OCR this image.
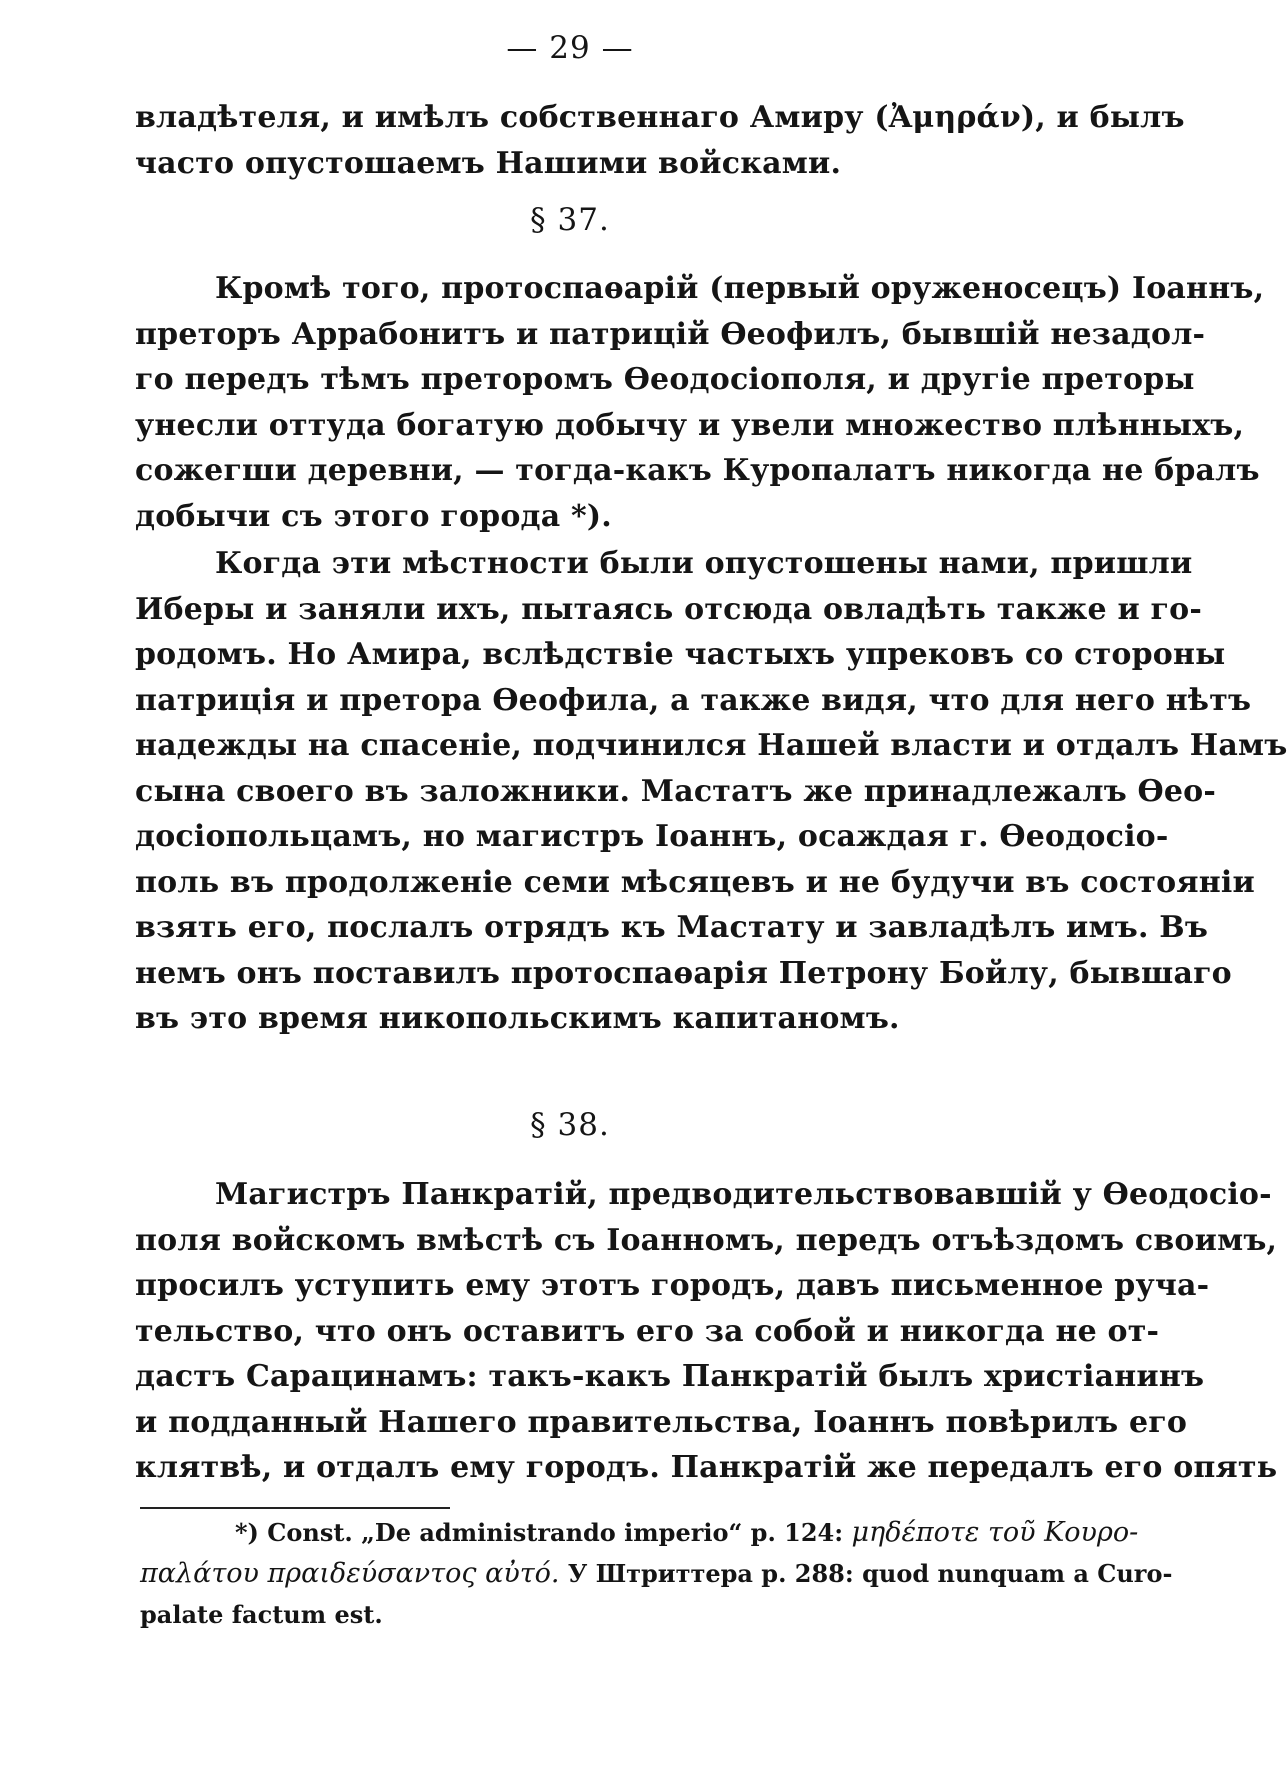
— 29 —
владѣтеля, и имѣлъ собственнаго Амиру (Ἀμηράν), и былъ
часто опустошаемъ Нашими войсками.
§ 37.
Кромѣ того, протоспаѳарій (первый оруженосецъ) Іоаннъ,
преторъ Аррабонитъ и патрицій Ѳеофилъ, бывшій незадол-
го передъ тѣмъ преторомъ Ѳеодосіополя, и другіе преторы
унесли оттуда богатую добычу и увели множество плѣнныхъ,
сожегши деревни, — тогда-какъ Куропалатъ никогда не бралъ
добычи съ этого города *).
Когда эти мѣстности были опустошены нами, пришли
Иберы и заняли ихъ, пытаясь отсюда овладѣть также и го-
родомъ. Но Амира, вслѣдствіе частыхъ упрековъ со стороны
патриція и претора Ѳеофила, а также видя, что для него нѣтъ
надежды на спасеніе, подчинился Нашей власти и отдалъ Намъ
сына своего въ заложники. Мастатъ же принадлежалъ Ѳео-
досіопольцамъ, но магистръ Іоаннъ, осаждая г. Ѳеодосіо-
поль въ продолженіе семи мѣсяцевъ и не будучи въ состояніи
взять его, послалъ отрядъ къ Мастату и завладѣлъ имъ. Въ
немъ онъ поставилъ протоспаѳарія Петрону Бойлу, бывшаго
въ это время никопольскимъ капитаномъ.
§ 38.
Магистръ Панкратій, предводительствовавшій у Ѳеодосіо-
поля войскомъ вмѣстѣ съ Іоанномъ, передъ отъѣздомъ своимъ,
просилъ уступить ему этотъ городъ, давъ письменное руча-
тельство, что онъ оставитъ его за собой и никогда не от-
дастъ Сарацинамъ: такъ-какъ Панкратій былъ христіанинъ
и подданный Нашего правительства, Іоаннъ повѣрилъ его
клятвѣ, и отдалъ ему городъ. Панкратій же передалъ его опять
*) Const. „De administrando imperio“ p. 124: μηδέποτε τοῦ Κουρο-
παλάτου πραιδεύσαντος αὐτό. У Штриттера p. 288: quod nunquam a Curo-
palate factum est.
